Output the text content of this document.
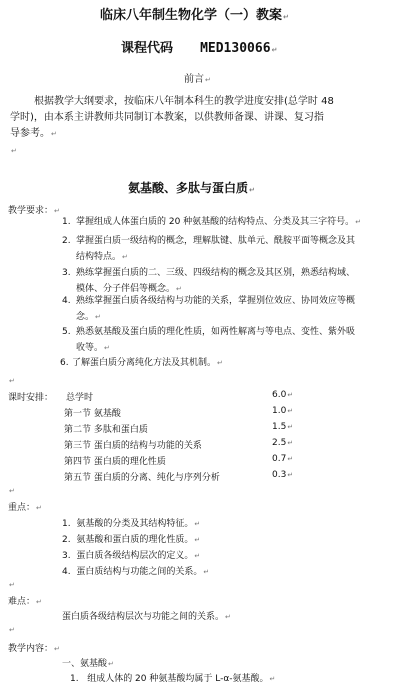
临床八年制生物化学（一）教案↵
课程代码 MED130066↵
前言↵
根据教学大纲要求，按临床八年制本科生的教学进度安排(总学时 48
学时)，由本系主讲教师共同制订本教案，以供教师备课、讲课、复习指
导参考。↵
↵
氨基酸、多肽与蛋白质↵
教学要求：↵
1. 掌握组成人体蛋白质的 20 种氨基酸的结构特点、分类及其三字符号。↵
2. 掌握蛋白质一级结构的概念，理解肽键、肽单元、酰胺平面等概念及其
结构特点。↵
3. 熟练掌握蛋白质的二、三级、四级结构的概念及其区别，熟悉结构域、
模体、分子伴侣等概念。↵
4. 熟练掌握蛋白质各级结构与功能的关系，掌握别位效应、协同效应等概
念。↵
5. 熟悉氨基酸及蛋白质的理化性质，如两性解离与等电点、变性、紫外吸
收等。↵
6. 了解蛋白质分离纯化方法及其机制。↵
↵
课时安排： 总学时	6.0↵
第一节 氨基酸	1.0↵
第二节 多肽和蛋白质	1.5↵
第三节 蛋白质的结构与功能的关系	2.5↵
第四节 蛋白质的理化性质	0.7↵
第五节 蛋白质的分离、纯化与序列分析	0.3↵
↵
重点：↵
1. 氨基酸的分类及其结构特征。↵
2. 氨基酸和蛋白质的理化性质。↵
3. 蛋白质各级结构层次的定义。↵
4. 蛋白质结构与功能之间的关系。↵
↵
难点：↵
蛋白质各级结构层次与功能之间的关系。↵
↵
教学内容：↵
一、氨基酸↵
1. 组成人体的 20 种氨基酸均属于 L-α-氨基酸。↵
